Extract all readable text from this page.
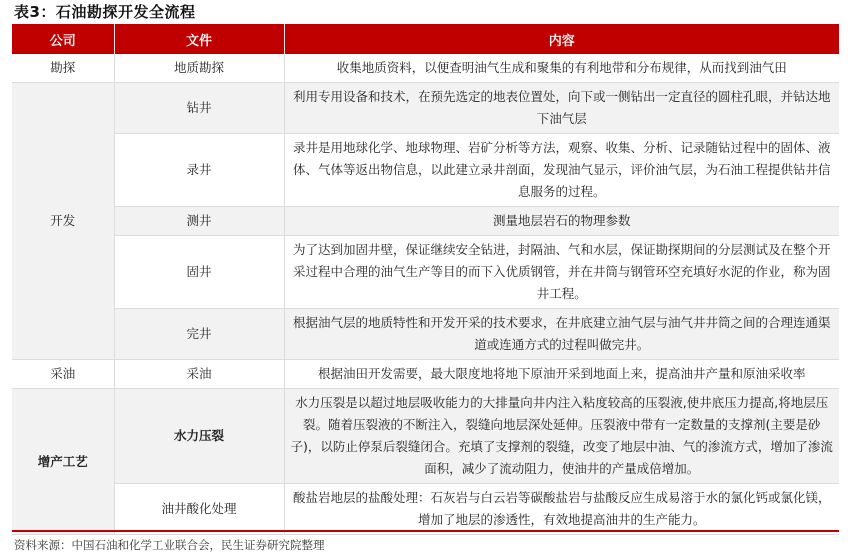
表3：石油勘探开发全流程
公司	文件	内容
勘探	地质勘探	收集地质资料，以便查明油气生成和聚集的有利地带和分布规律，从而找到油气田
开发	钻井	利用专用设备和技术，在预先选定的地表位置处，向下或一侧钻出一定直径的圆柱孔眼，并钻达地下油气层
	录井	录井是用地球化学、地球物理、岩矿分析等方法，观察、收集、分析、记录随钻过程中的固体、液体、气体等返出物信息，以此建立录井剖面，发现油气显示，评价油气层，为石油工程提供钻井信息服务的过程。
	测井	测量地层岩石的物理参数
	固井	为了达到加固井壁，保证继续安全钻进，封隔油、气和水层，保证勘探期间的分层测试及在整个开采过程中合理的油气生产等目的而下入优质钢管，并在井筒与钢管环空充填好水泥的作业，称为固井工程。
	完井	根据油气层的地质特性和开发开采的技术要求，在井底建立油气层与油气井井筒之间的合理连通渠道或连通方式的过程叫做完井。
采油	采油	根据油田开发需要，最大限度地将地下原油开采到地面上来，提高油井产量和原油采收率
增产工艺	水力压裂	水力压裂是以超过地层吸收能力的大排量向井内注入粘度较高的压裂液,使井底压力提高,将地层压裂。随着压裂液的不断注入，裂缝向地层深处延伸。压裂液中带有一定数量的支撑剂(主要是砂子)，以防止停泵后裂缝闭合。充填了支撑剂的裂缝，改变了地层中油、气的渗流方式，增加了渗流面积，减少了流动阻力，使油井的产量成倍增加。
	油井酸化处理	酸盐岩地层的盐酸处理：石灰岩与白云岩等碳酸盐岩与盐酸反应生成易溶于水的氯化钙或氯化镁，增加了地层的渗透性，有效地提高油井的生产能力。
资料来源：中国石油和化学工业联合会，民生证券研究院整理
